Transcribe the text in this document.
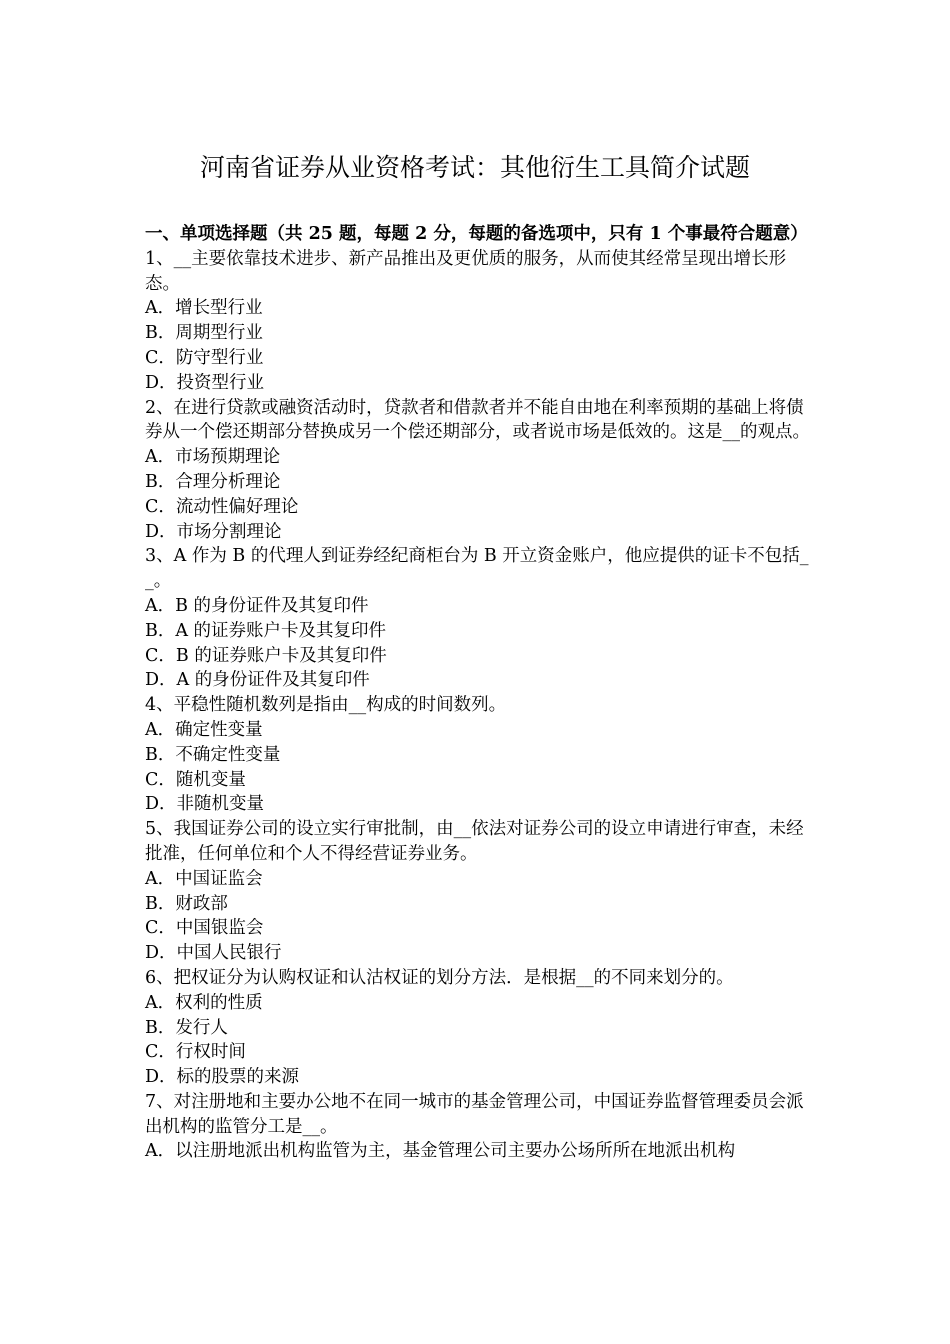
河南省证券从业资格考试：其他衍生工具简介试题
一、单项选择题（共 25 题，每题 2 分，每题的备选项中，只有 1 个事最符合题意）
1、__主要依靠技术进步、新产品推出及更优质的服务，从而使其经常呈现出增长形态。
A．增长型行业
B．周期型行业
C．防守型行业
D．投资型行业
2、在进行贷款或融资活动时，贷款者和借款者并不能自由地在利率预期的基础上将债券从一个偿还期部分替换成另一个偿还期部分，或者说市场是低效的。这是__的观点。
A．市场预期理论
B．合理分析理论
C．流动性偏好理论
D．市场分割理论
3、A 作为 B 的代理人到证券经纪商柜台为 B 开立资金账户，他应提供的证卡不包括__。
A．B 的身份证件及其复印件
B．A 的证券账户卡及其复印件
C．B 的证券账户卡及其复印件
D．A 的身份证件及其复印件
4、平稳性随机数列是指由__构成的时间数列。
A．确定性变量
B．不确定性变量
C．随机变量
D．非随机变量
5、我国证券公司的设立实行审批制，由__依法对证券公司的设立申请进行审查，未经批准，任何单位和个人不得经营证券业务。
A．中国证监会
B．财政部
C．中国银监会
D．中国人民银行
6、把权证分为认购权证和认沽权证的划分方法．是根据__的不同来划分的。
A．权利的性质
B．发行人
C．行权时间
D．标的股票的来源
7、对注册地和主要办公地不在同一城市的基金管理公司，中国证券监督管理委员会派出机构的监管分工是__。
A．以注册地派出机构监管为主，基金管理公司主要办公场所所在地派出机构
